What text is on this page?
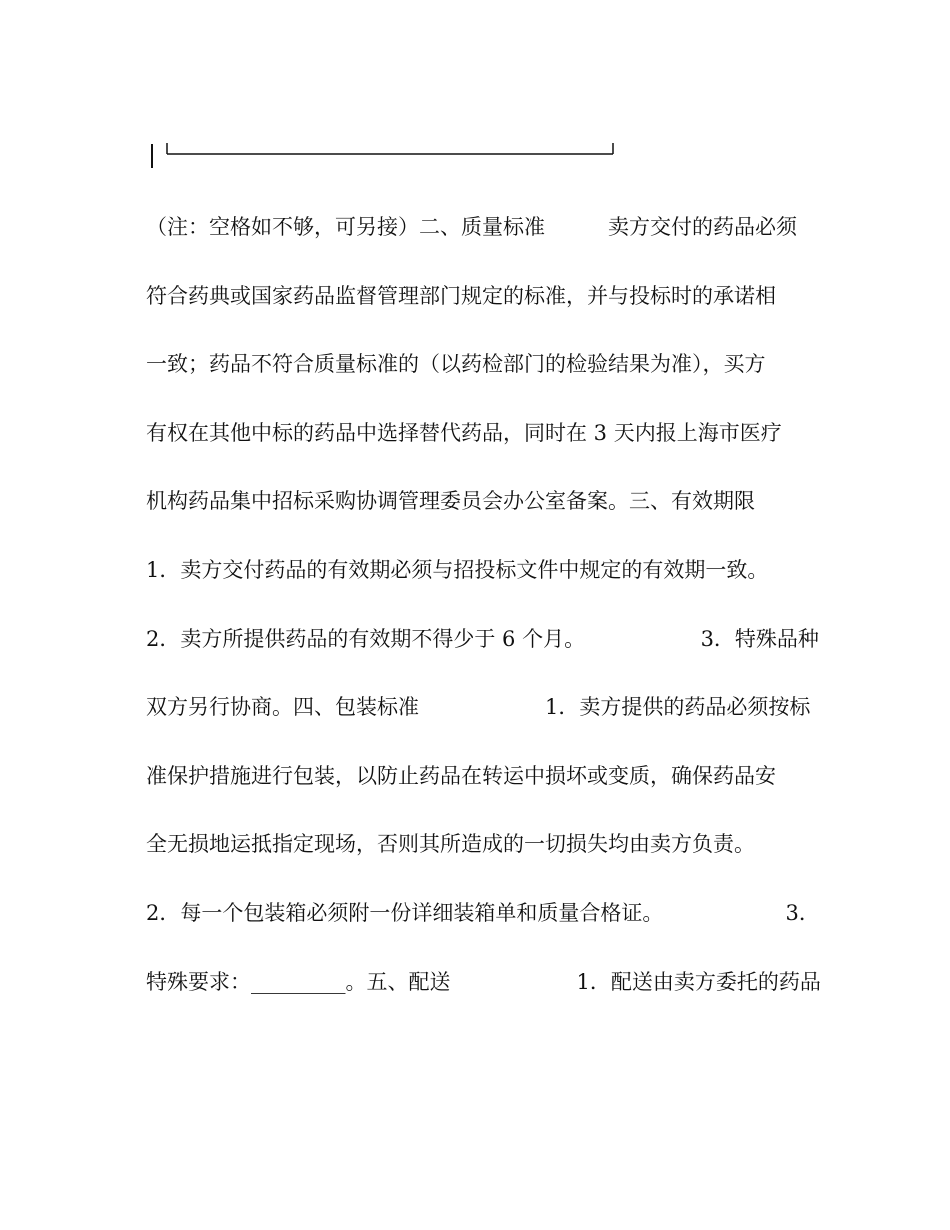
（注：空格如不够，可另接）二、质量标准　　　卖方交付的药品必须
符合药典或国家药品监督管理部门规定的标准，并与投标时的承诺相
一致；药品不符合质量标准的（以药检部门的检验结果为准），买方
有权在其他中标的药品中选择替代药品，同时在 3 天内报上海市医疗
机构药品集中招标采购协调管理委员会办公室备案。三、有效期限
1．卖方交付药品的有效期必须与招投标文件中规定的有效期一致。
2．卖方所提供药品的有效期不得少于 6 个月。　　　　　　3．特殊品种
双方另行协商。四、包装标准　　　　　　1．卖方提供的药品必须按标
准保护措施进行包装，以防止药品在转运中损坏或变质，确保药品安
全无损地运抵指定现场，否则其所造成的一切损失均由卖方负责。
2．每一个包装箱必须附一份详细装箱单和质量合格证。　　　　　　 3．
特殊要求：_________。五、配送　　　　　　1．配送由卖方委托的药品
